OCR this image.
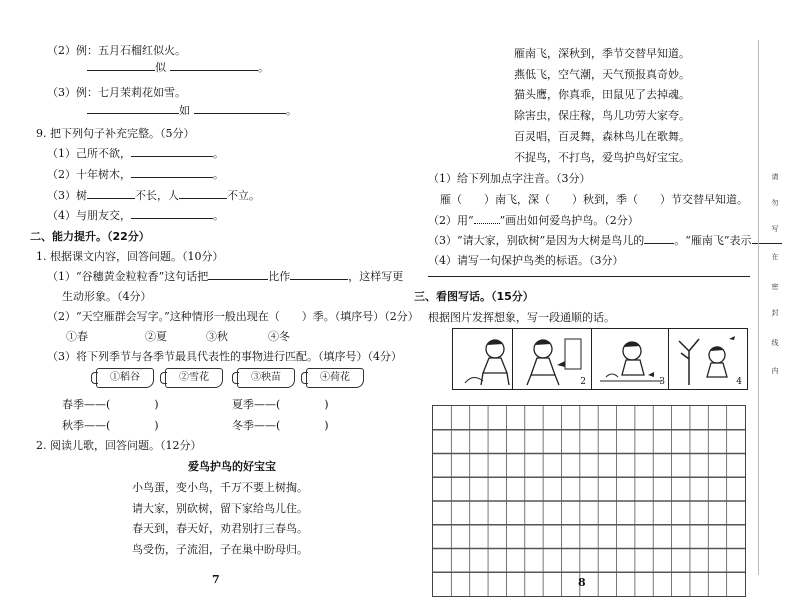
（2）例：五月石榴红似火。
似	。
（3）例：七月茉莉花如雪。
如	。
9. 把下列句子补充完整。（5分）
（1）己所不欲，	。
（2）十年树木，	。
（3）树	不长，人	不立。
（4）与朋友交，	。
二、能力提升。（22分）
1. 根据课文内容，回答问题。（10分）
（1）“谷穗黄金粒粒香”这句话把	比作	，这样写更
生动形象。（4分）
（2）“天空雁群会写字。”这种情形一般出现在（　　）季。（填序号）（2分）
①春	②夏	③秋	④冬
（3）将下列季节与各季节最具代表性的事物进行匹配。（填序号）（4分）
①稻谷	②雪花	③秧苗	④荷花
春季——(　　　　)	夏季——(　　　　)
秋季——(　　　　)	冬季——(　　　　)
2. 阅读儿歌，回答问题。（12分）
爱鸟护鸟的好宝宝
小鸟蛋，变小鸟，千万不要上树掏。
请大家，别砍树，留下家给鸟儿住。
春天到，春天好，劝君别打三春鸟。
鸟受伤，子流泪，子在巢中盼母归。
7
雁南飞，深秋到，季节交替早知道。
燕低飞，空气潮，天气预报真奇妙。
猫头鹰，你真乖，田鼠见了去掉魂。
除害虫，保庄稼，鸟儿功劳大家夸。
百灵唱，百灵舞，森林鸟儿在歌舞。
不捉鸟，不打鸟，爱鸟护鸟好宝宝。
（1）给下列加点字注音。（3分）
雁（　　）南飞，深（　　）秋到，季（　　）节交替早知道。
（2）用“ ”画出如何爱鸟护鸟。（2分）
（3）“请大家，别砍树”是因为大树是鸟儿的	。“雁南飞”表示
（4）请写一句保护鸟类的标语。（3分）
三、看图写话。（15分）
根据图片发挥想象，写一段通顺的话。
2	3	4
8
请
勿
写
在
密
封
线
内
